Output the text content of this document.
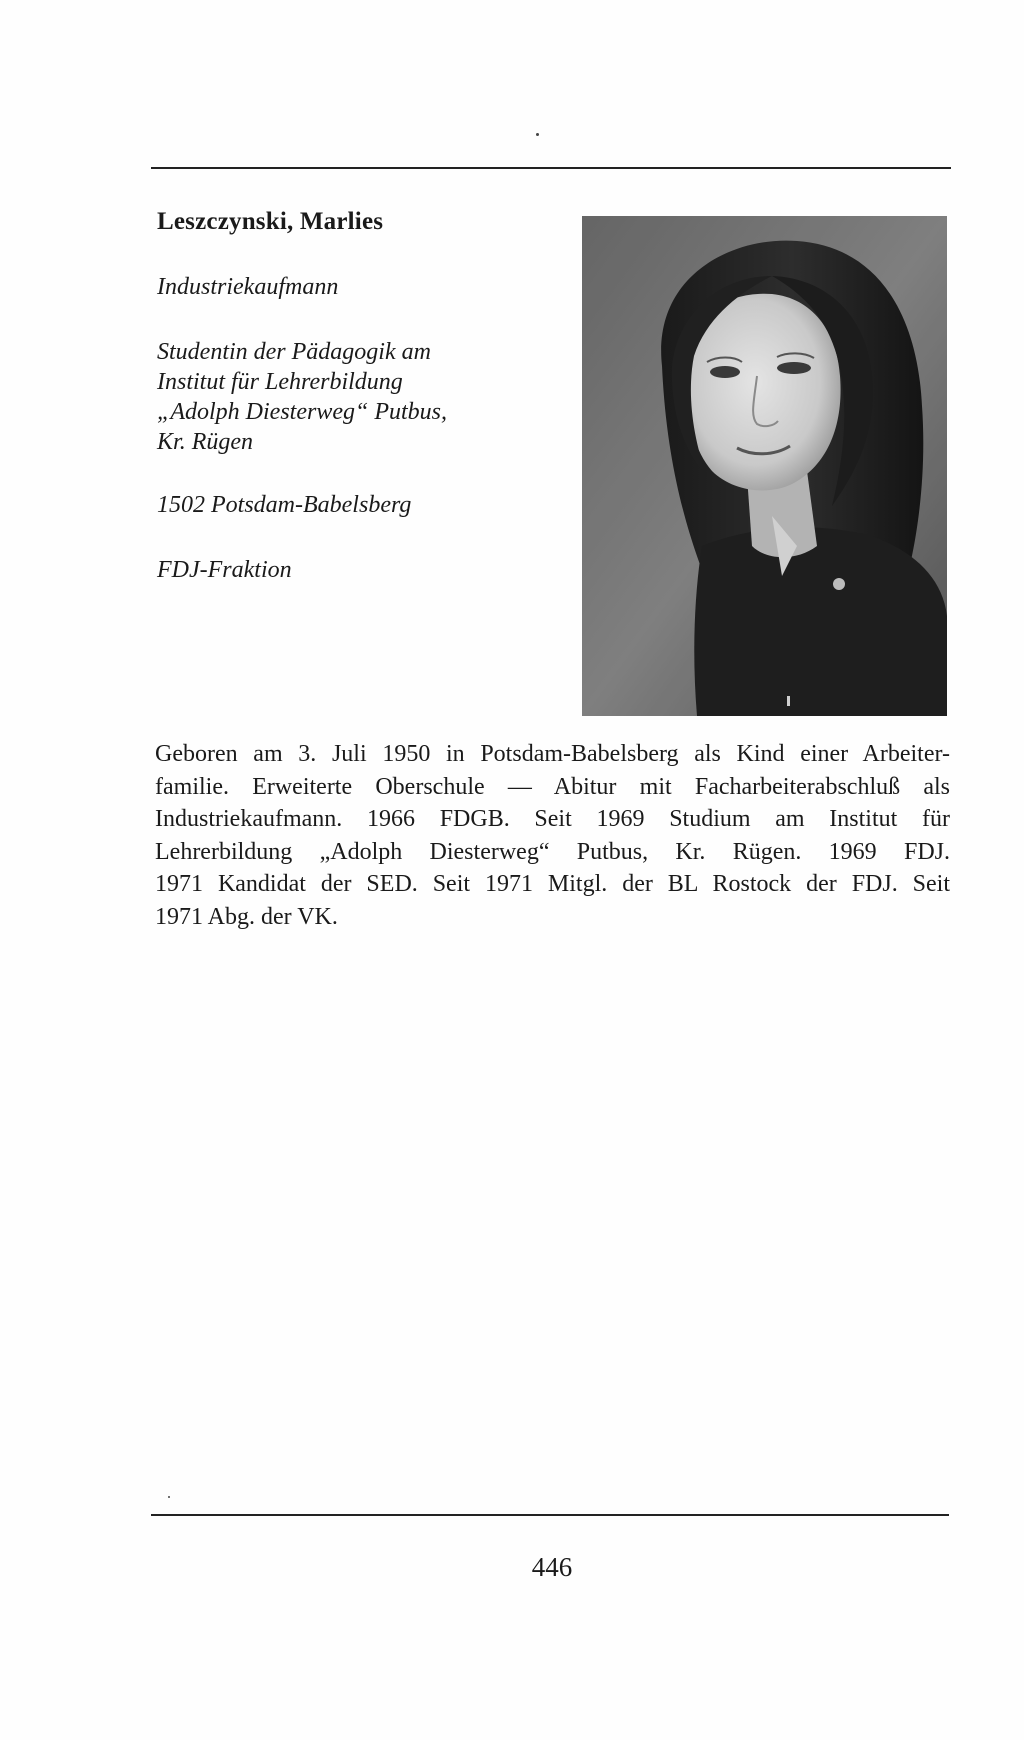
Leszczynski, Marlies
Industriekaufmann
Studentin der Pädagogik am
Institut für Lehrerbildung
„Adolph Diesterweg“ Putbus,
Kr. Rügen
1502 Potsdam-Babelsberg
FDJ-Fraktion
Geboren am 3. Juli 1950 in Potsdam-Babelsberg als Kind einer Arbeiter-
familie. Erweiterte Oberschule — Abitur mit Facharbeiterabschluß als
Industriekaufmann. 1966 FDGB. Seit 1969 Studium am Institut für
Lehrerbildung „Adolph Diesterweg“ Putbus, Kr. Rügen. 1969 FDJ.
1971 Kandidat der SED. Seit 1971 Mitgl. der BL Rostock der FDJ. Seit
1971 Abg. der VK.
446
